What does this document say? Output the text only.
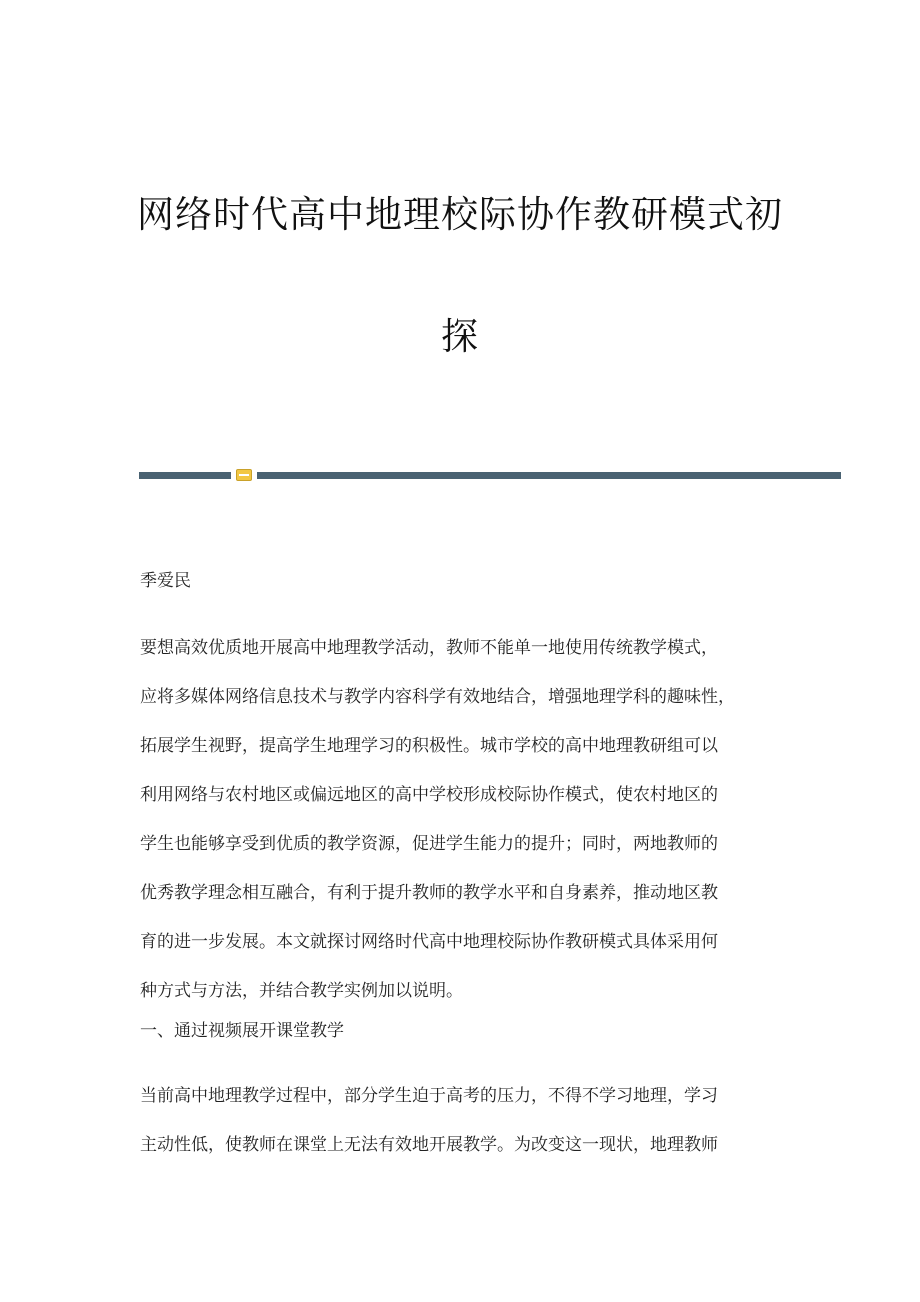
网络时代高中地理校际协作教研模式初
探

季爱民

要想高效优质地开展高中地理教学活动，教师不能单一地使用传统教学模式，
应将多媒体网络信息技术与教学内容科学有效地结合，增强地理学科的趣味性，
拓展学生视野，提高学生地理学习的积极性。城市学校的高中地理教研组可以
利用网络与农村地区或偏远地区的高中学校形成校际协作模式，使农村地区的
学生也能够享受到优质的教学资源，促进学生能力的提升；同时，两地教师的
优秀教学理念相互融合，有利于提升教师的教学水平和自身素养，推动地区教
育的进一步发展。本文就探讨网络时代高中地理校际协作教研模式具体采用何
种方式与方法，并结合教学实例加以说明。

一、通过视频展开课堂教学

当前高中地理教学过程中，部分学生迫于高考的压力，不得不学习地理，学习
主动性低，使教师在课堂上无法有效地开展教学。为改变这一现状，地理教师
